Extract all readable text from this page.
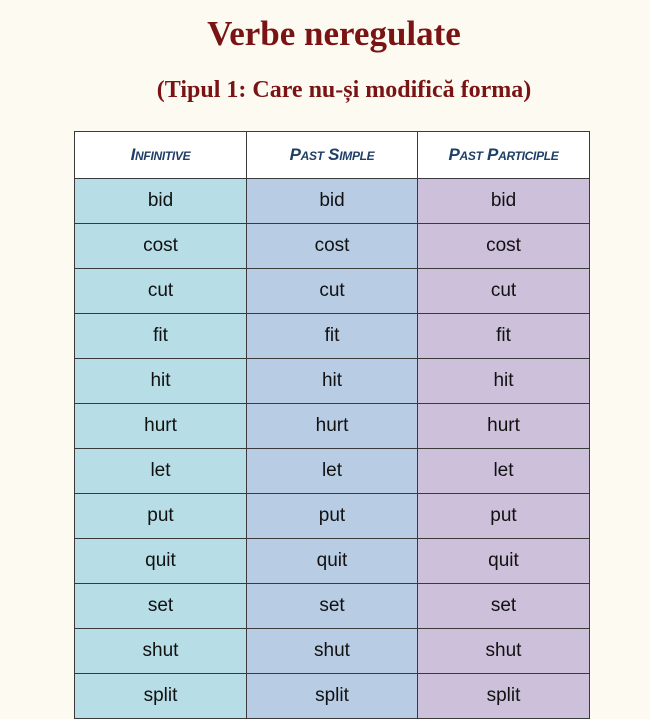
Verbe neregulate
(Tipul 1: Care nu-și modifică forma)
Infinitive	Past Simple	Past Participle
bid	bid	bid
cost	cost	cost
cut	cut	cut
fit	fit	fit
hit	hit	hit
hurt	hurt	hurt
let	let	let
put	put	put
quit	quit	quit
set	set	set
shut	shut	shut
split	split	split
